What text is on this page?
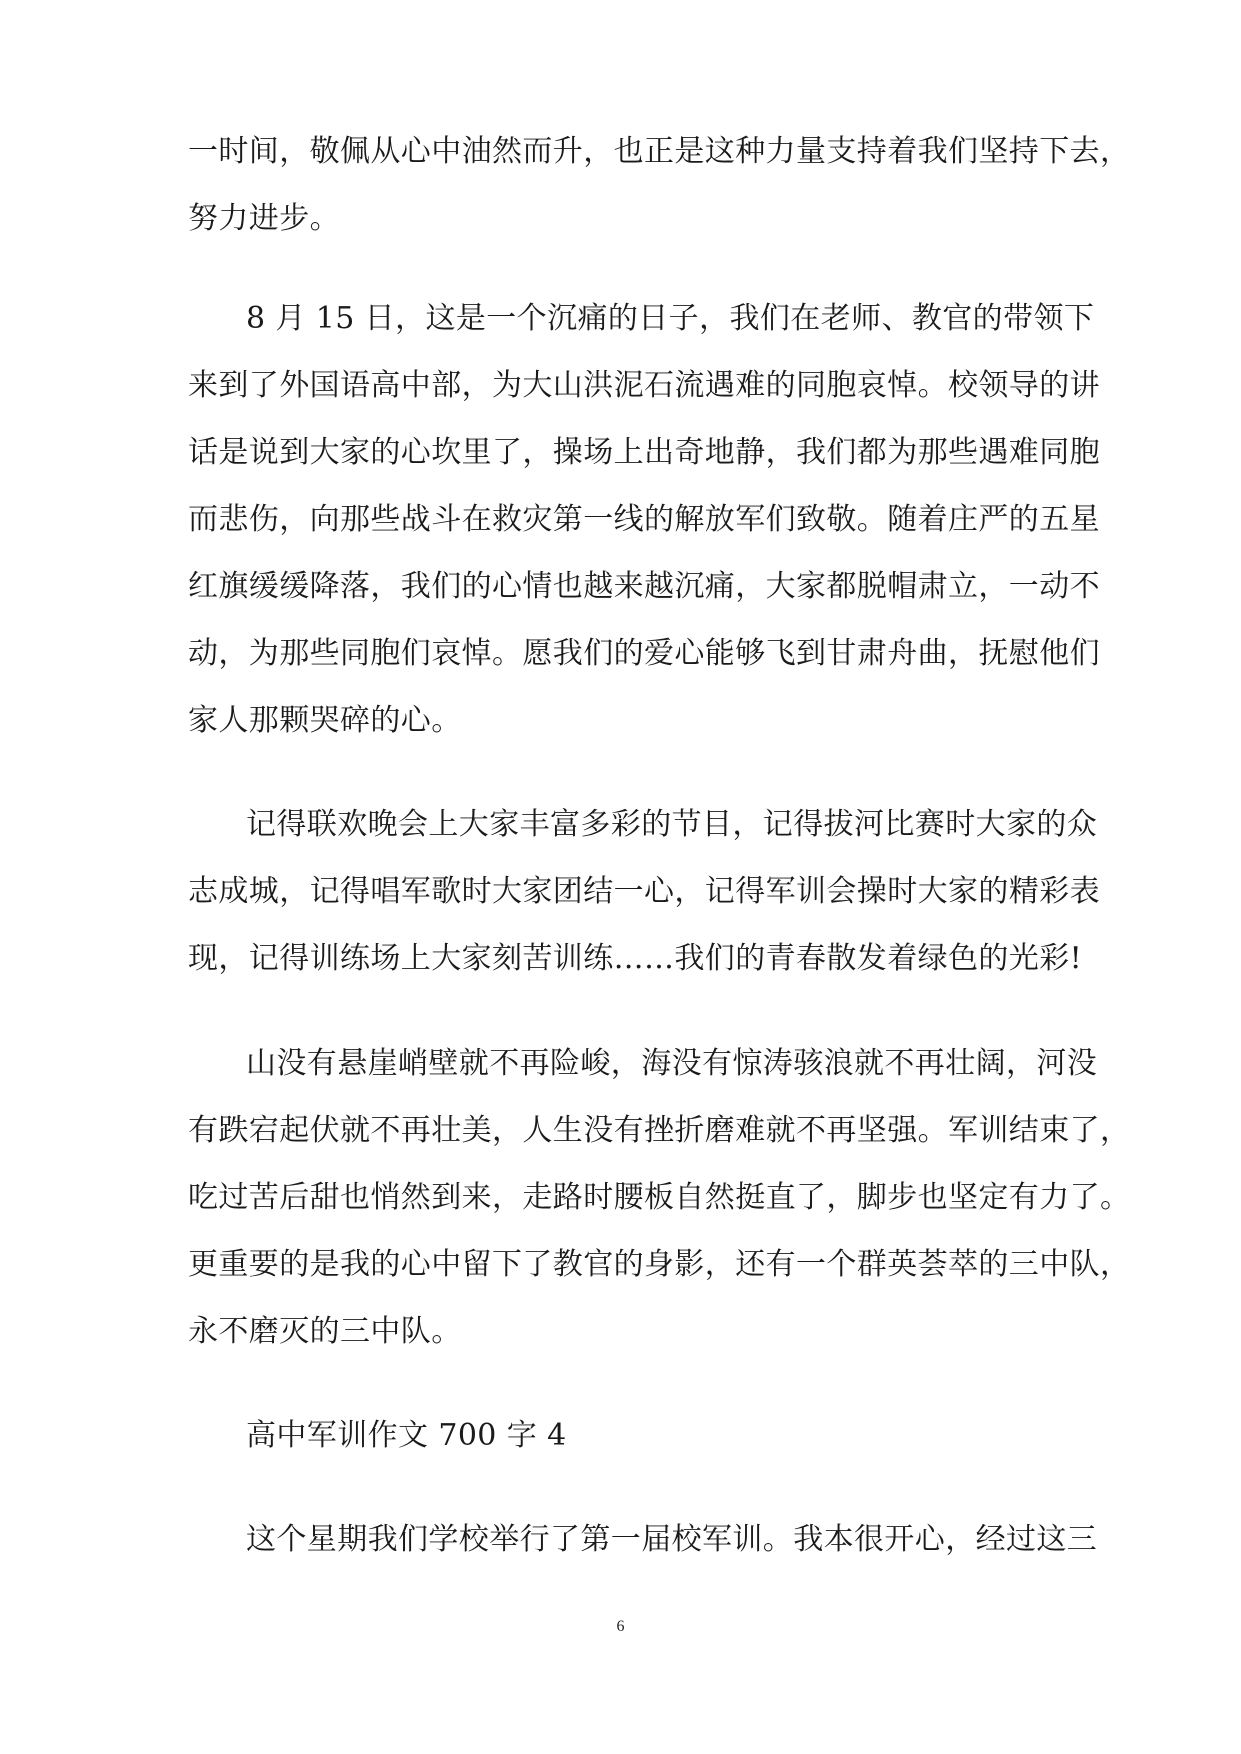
一时间，敬佩从心中油然而升，也正是这种力量支持着我们坚持下去，
努力进步。
8 月 15 日，这是一个沉痛的日子，我们在老师、教官的带领下
来到了外国语高中部，为大山洪泥石流遇难的同胞哀悼。校领导的讲
话是说到大家的心坎里了，操场上出奇地静，我们都为那些遇难同胞
而悲伤，向那些战斗在救灾第一线的解放军们致敬。随着庄严的五星
红旗缓缓降落，我们的心情也越来越沉痛，大家都脱帽肃立，一动不
动，为那些同胞们哀悼。愿我们的爱心能够飞到甘肃舟曲，抚慰他们
家人那颗哭碎的心。
记得联欢晚会上大家丰富多彩的节目，记得拔河比赛时大家的众
志成城，记得唱军歌时大家团结一心，记得军训会操时大家的精彩表
现，记得训练场上大家刻苦训练……我们的青春散发着绿色的光彩!
山没有悬崖峭壁就不再险峻，海没有惊涛骇浪就不再壮阔，河没
有跌宕起伏就不再壮美，人生没有挫折磨难就不再坚强。军训结束了，
吃过苦后甜也悄然到来，走路时腰板自然挺直了，脚步也坚定有力了。
更重要的是我的心中留下了教官的身影，还有一个群英荟萃的三中队，
永不磨灭的三中队。
高中军训作文 700 字 4
这个星期我们学校举行了第一届校军训。我本很开心，经过这三
6
